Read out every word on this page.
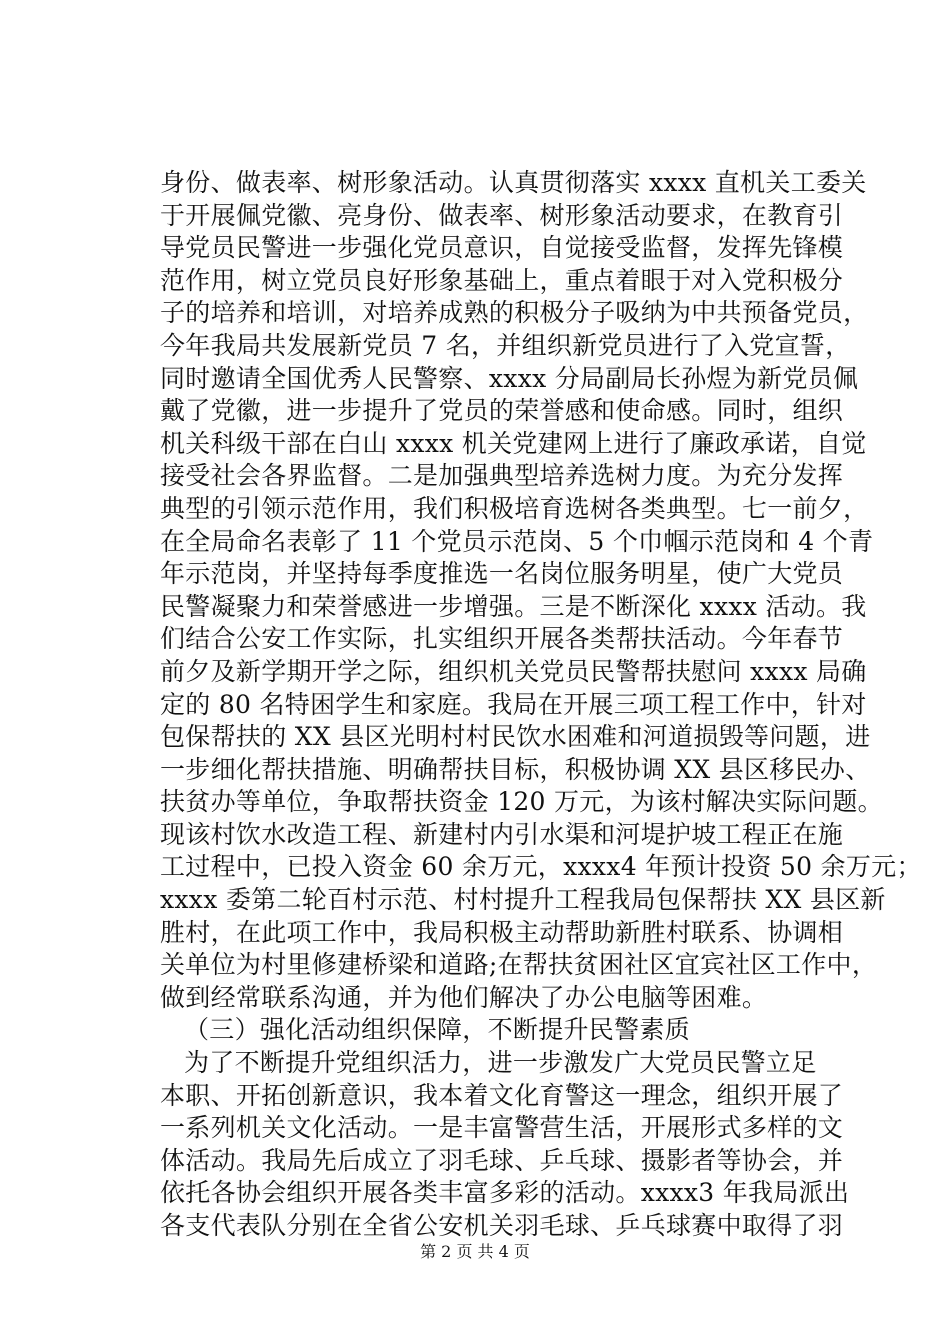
身份、做表率、树形象活动。认真贯彻落实 xxxx 直机关工委关
于开展佩党徽、亮身份、做表率、树形象活动要求，在教育引
导党员民警进一步强化党员意识，自觉接受监督，发挥先锋模
范作用，树立党员良好形象基础上，重点着眼于对入党积极分
子的培养和培训，对培养成熟的积极分子吸纳为中共预备党员，
今年我局共发展新党员 7 名，并组织新党员进行了入党宣誓，
同时邀请全国优秀人民警察、xxxx 分局副局长孙煜为新党员佩
戴了党徽，进一步提升了党员的荣誉感和使命感。同时，组织
机关科级干部在白山 xxxx 机关党建网上进行了廉政承诺，自觉
接受社会各界监督。二是加强典型培养选树力度。为充分发挥
典型的引领示范作用，我们积极培育选树各类典型。七一前夕，
在全局命名表彰了 11 个党员示范岗、5 个巾帼示范岗和 4 个青
年示范岗，并坚持每季度推选一名岗位服务明星，使广大党员
民警凝聚力和荣誉感进一步增强。三是不断深化 xxxx 活动。我
们结合公安工作实际，扎实组织开展各类帮扶活动。今年春节
前夕及新学期开学之际，组织机关党员民警帮扶慰问 xxxx 局确
定的 80 名特困学生和家庭。我局在开展三项工程工作中，针对
包保帮扶的 XX 县区光明村村民饮水困难和河道损毁等问题，进
一步细化帮扶措施、明确帮扶目标，积极协调 XX 县区移民办、
扶贫办等单位，争取帮扶资金 120 万元，为该村解决实际问题。
现该村饮水改造工程、新建村内引水渠和河堤护坡工程正在施
工过程中，已投入资金 60 余万元，xxxx4 年预计投资 50 余万元；
xxxx 委第二轮百村示范、村村提升工程我局包保帮扶 XX 县区新
胜村，在此项工作中，我局积极主动帮助新胜村联系、协调相
关单位为村里修建桥梁和道路;在帮扶贫困社区宜宾社区工作中，
做到经常联系沟通，并为他们解决了办公电脑等困难。
（三）强化活动组织保障，不断提升民警素质
为了不断提升党组织活力，进一步激发广大党员民警立足
本职、开拓创新意识，我本着文化育警这一理念，组织开展了
一系列机关文化活动。一是丰富警营生活，开展形式多样的文
体活动。我局先后成立了羽毛球、乒乓球、摄影者等协会，并
依托各协会组织开展各类丰富多彩的活动。xxxx3 年我局派出
各支代表队分别在全省公安机关羽毛球、乒乓球赛中取得了羽
第 2 页 共 4 页
